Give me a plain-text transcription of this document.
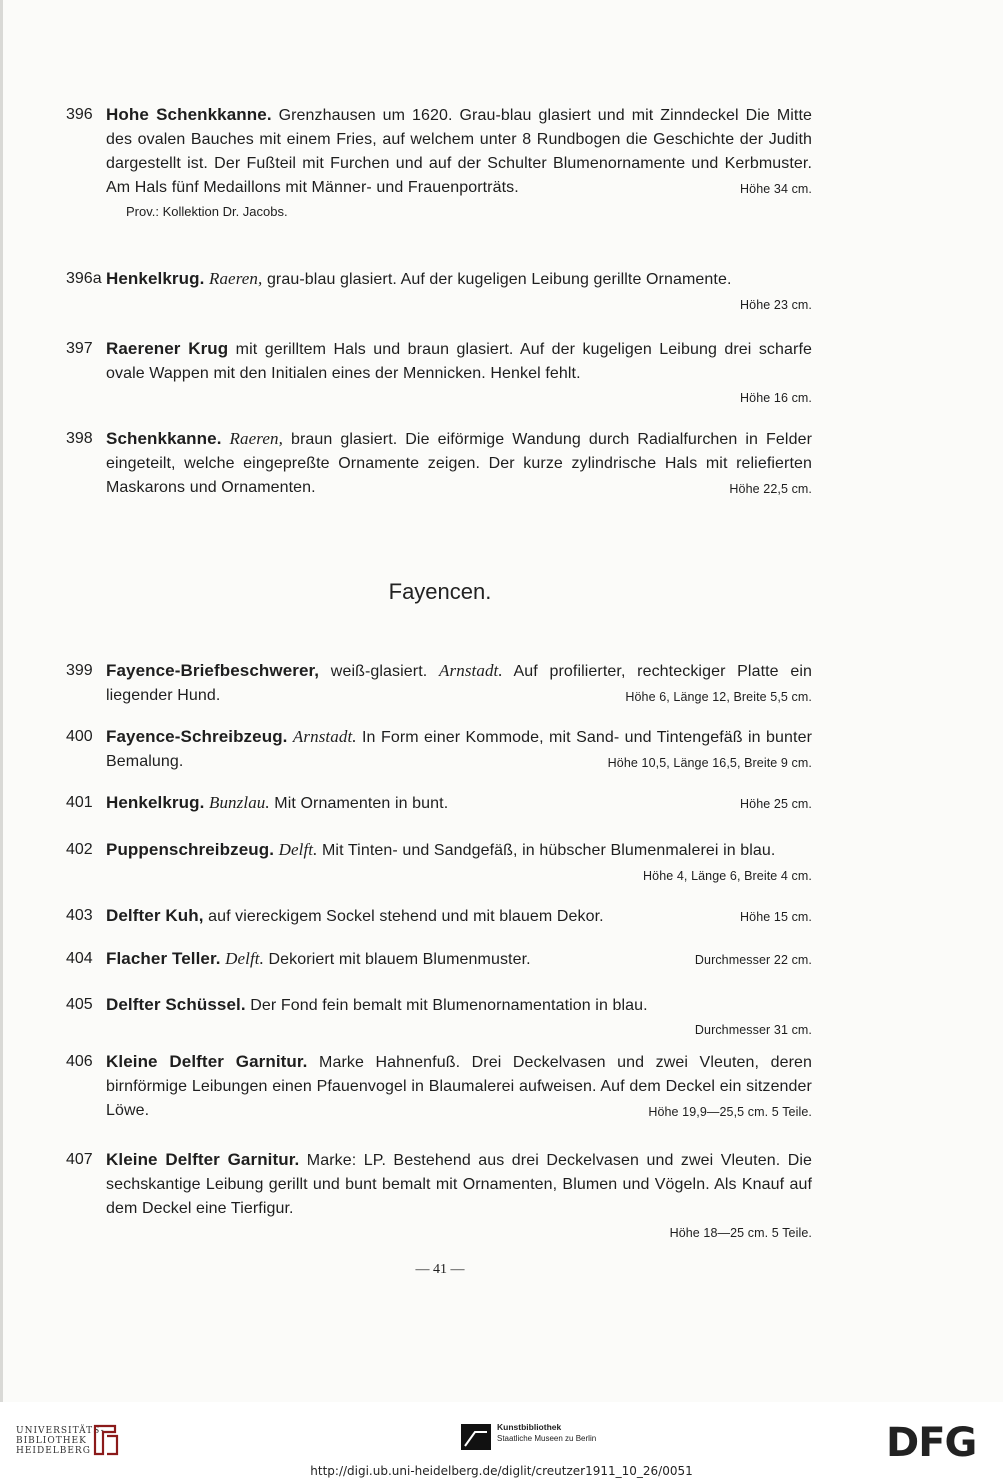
396 Hohe Schenkkanne. Grenzhausen um 1620. Grau-blau glasiert und mit Zinndeckel Die Mitte des ovalen Bauches mit einem Fries, auf welchem unter 8 Rundbogen die Geschichte der Judith dargestellt ist. Der Fußteil mit Furchen und auf der Schulter Blumenornamente und Kerbmuster. Am Hals fünf Medaillons mit Männer- und Frauenporträts.	Höhe 34 cm.
Prov.: Kollektion Dr. Jacobs.
396a Henkelkrug. Raeren, grau-blau glasiert. Auf der kugeligen Leibung gerillte Ornamente.
Höhe 23 cm.
397 Raerener Krug mit gerilltem Hals und braun glasiert. Auf der kugeligen Leibung drei scharfe ovale Wappen mit den Initialen eines der Mennicken. Henkel fehlt.
Höhe 16 cm.
398 Schenkkanne. Raeren, braun glasiert. Die eiförmige Wandung durch Radialfurchen in Felder eingeteilt, welche eingepreßte Ornamente zeigen. Der kurze zylindrische Hals mit reliefierten Maskarons und Ornamenten.	Höhe 22,5 cm.
Fayencen.
399 Fayence-Briefbeschwerer, weiß-glasiert. Arnstadt. Auf profilierter, rechteckiger Platte ein liegender Hund.	Höhe 6, Länge 12, Breite 5,5 cm.
400 Fayence-Schreibzeug. Arnstadt. In Form einer Kommode, mit Sand- und Tintengefäß in bunter Bemalung.	Höhe 10,5, Länge 16,5, Breite 9 cm.
401 Henkelkrug. Bunzlau. Mit Ornamenten in bunt.	Höhe 25 cm.
402 Puppenschreibzeug. Delft. Mit Tinten- und Sandgefäß, in hübscher Blumenmalerei in blau.
Höhe 4, Länge 6, Breite 4 cm.
403 Delfter Kuh, auf viereckigem Sockel stehend und mit blauem Dekor.	Höhe 15 cm.
404 Flacher Teller. Delft. Dekoriert mit blauem Blumenmuster.	Durchmesser 22 cm.
405 Delfter Schüssel. Der Fond fein bemalt mit Blumenornamentation in blau.
Durchmesser 31 cm.
406 Kleine Delfter Garnitur. Marke Hahnenfuß. Drei Deckelvasen und zwei Vleuten, deren birnförmige Leibungen einen Pfauenvogel in Blaumalerei aufweisen. Auf dem Deckel ein sitzender Löwe.	Höhe 19,9—25,5 cm. 5 Teile.
407 Kleine Delfter Garnitur. Marke: LP. Bestehend aus drei Deckelvasen und zwei Vleuten. Die sechskantige Leibung gerillt und bunt bemalt mit Ornamenten, Blumen und Vögeln. Als Knauf auf dem Deckel eine Tierfigur.
Höhe 18—25 cm. 5 Teile.
— 41 —
UNIVERSITÄTS-
BIBLIOTHEK
HEIDELBERG
Kunstbibliothek
Staatliche Museen zu Berlin	DFG
http://digi.ub.uni-heidelberg.de/diglit/creutzer1911_10_26/0051
